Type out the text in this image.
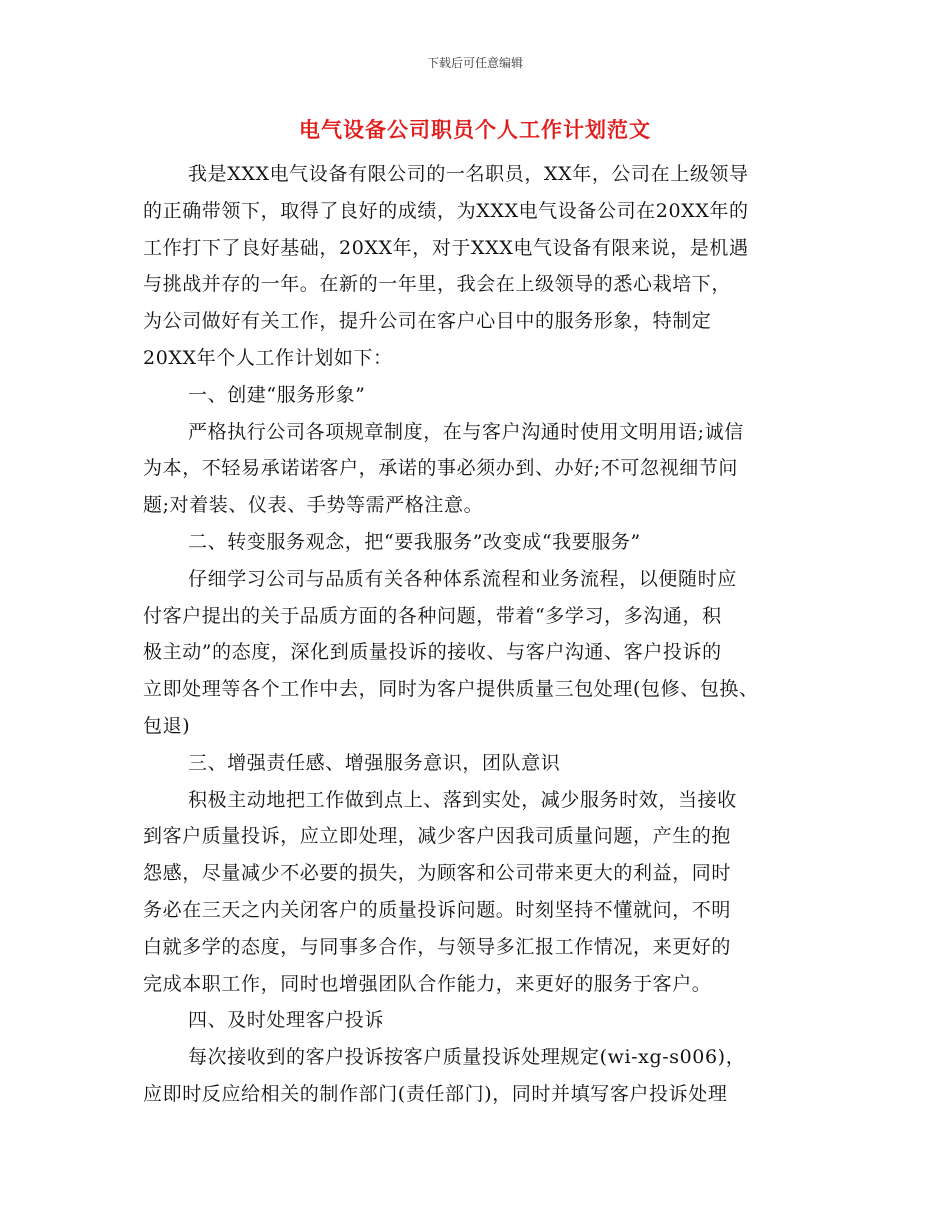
下载后可任意编辑
电气设备公司职员个人工作计划范文
我是XXX电气设备有限公司的一名职员，XX年，公司在上级领导
的正确带领下，取得了良好的成绩，为XXX电气设备公司在20XX年的
工作打下了良好基础，20XX年，对于XXX电气设备有限来说，是机遇
与挑战并存的一年。在新的一年里，我会在上级领导的悉心栽培下，
为公司做好有关工作，提升公司在客户心目中的服务形象，特制定
20XX年个人工作计划如下：
一、创建“服务形象”
严格执行公司各项规章制度，在与客户沟通时使用文明用语;诚信
为本，不轻易承诺诺客户，承诺的事必须办到、办好;不可忽视细节问
题;对着装、仪表、手势等需严格注意。
二、转变服务观念，把“要我服务”改变成“我要服务”
仔细学习公司与品质有关各种体系流程和业务流程，以便随时应
付客户提出的关于品质方面的各种问题，带着“多学习，多沟通，积
极主动”的态度，深化到质量投诉的接收、与客户沟通、客户投诉的
立即处理等各个工作中去，同时为客户提供质量三包处理(包修、包换、
包退)
三、增强责任感、增强服务意识，团队意识
积极主动地把工作做到点上、落到实处，减少服务时效，当接收
到客户质量投诉，应立即处理，减少客户因我司质量问题，产生的抱
怨感，尽量减少不必要的损失，为顾客和公司带来更大的利益，同时
务必在三天之内关闭客户的质量投诉问题。时刻坚持不懂就问，不明
白就多学的态度，与同事多合作，与领导多汇报工作情况，来更好的
完成本职工作，同时也增强团队合作能力，来更好的服务于客户。
四、及时处理客户投诉
每次接收到的客户投诉按客户质量投诉处理规定(wi-xg-s006)，
应即时反应给相关的制作部门(责任部门)，同时并填写客户投诉处理
